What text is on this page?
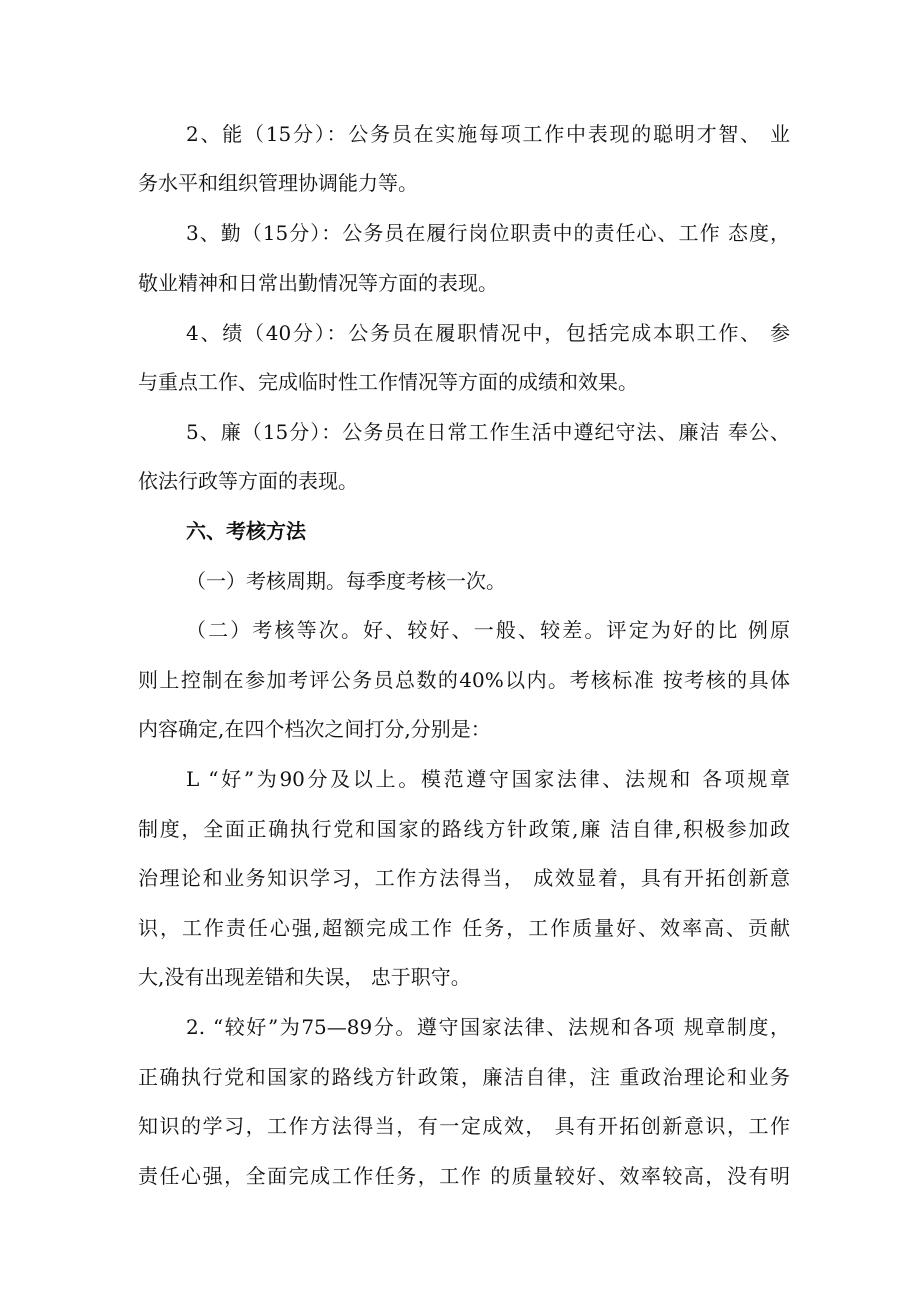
2、能（15分）：公务员在实施每项工作中表现的聪明才智、 业
务水平和组织管理协调能力等。
3、勤（15分）：公务员在履行岗位职责中的责任心、工作 态度，
敬业精神和日常出勤情况等方面的表现。
4、绩（40分）：公务员在履职情况中，包括完成本职工作、 参
与重点工作、完成临时性工作情况等方面的成绩和效果。
5、廉（15分）：公务员在日常工作生活中遵纪守法、廉洁 奉公、
依法行政等方面的表现。
六、考核方法
（一）考核周期。每季度考核一次。
（二）考核等次。好、较好、一般、较差。评定为好的比 例原
则上控制在参加考评公务员总数的40%以内。考核标准 按考核的具体
内容确定,在四个档次之间打分,分别是：
L “好”为90分及以上。模范遵守国家法律、法规和 各项规章
制度，全面正确执行党和国家的路线方针政策,廉 洁自律,积极参加政
治理论和业务知识学习，工作方法得当， 成效显着，具有开拓创新意
识，工作责任心强,超额完成工作 任务，工作质量好、效率高、贡献
大,没有出现差错和失误， 忠于职守。
2. “较好”为75—89分。遵守国家法律、法规和各项 规章制度，
正确执行党和国家的路线方针政策，廉洁自律，注 重政治理论和业务
知识的学习，工作方法得当，有一定成效， 具有开拓创新意识，工作
责任心强，全面完成工作任务，工作 的质量较好、效率较高，没有明
